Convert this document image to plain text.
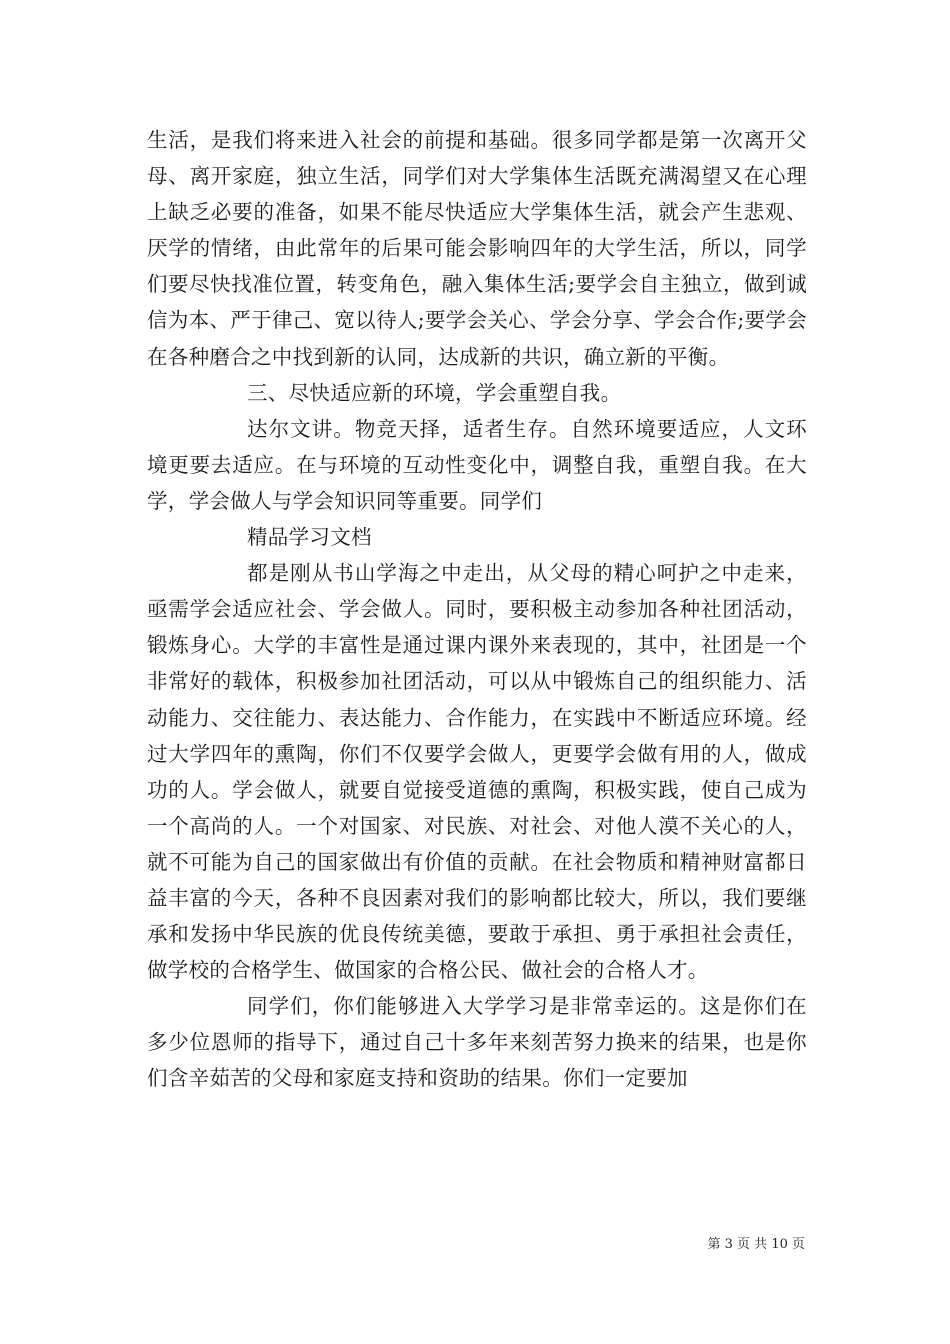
生活，是我们将来进入社会的前提和基础。很多同学都是第一次离开父母、离开家庭，独立生活，同学们对大学集体生活既充满渴望又在心理上缺乏必要的准备，如果不能尽快适应大学集体生活，就会产生悲观、厌学的情绪，由此常年的后果可能会影响四年的大学生活，所以，同学们要尽快找准位置，转变角色，融入集体生活;要学会自主独立，做到诚信为本、严于律己、宽以待人;要学会关心、学会分享、学会合作;要学会在各种磨合之中找到新的认同，达成新的共识，确立新的平衡。

三、尽快适应新的环境，学会重塑自我。

达尔文讲。物竞天择，适者生存。自然环境要适应，人文环境更要去适应。在与环境的互动性变化中，调整自我，重塑自我。在大学，学会做人与学会知识同等重要。同学们

精品学习文档

都是刚从书山学海之中走出，从父母的精心呵护之中走来，亟需学会适应社会、学会做人。同时，要积极主动参加各种社团活动，锻炼身心。大学的丰富性是通过课内课外来表现的，其中，社团是一个非常好的载体，积极参加社团活动，可以从中锻炼自己的组织能力、活动能力、交往能力、表达能力、合作能力，在实践中不断适应环境。经过大学四年的熏陶，你们不仅要学会做人，更要学会做有用的人，做成功的人。学会做人，就要自觉接受道德的熏陶，积极实践，使自己成为一个高尚的人。一个对国家、对民族、对社会、对他人漠不关心的人，就不可能为自己的国家做出有价值的贡献。在社会物质和精神财富都日益丰富的今天，各种不良因素对我们的影响都比较大，所以，我们要继承和发扬中华民族的优良传统美德，要敢于承担、勇于承担社会责任，做学校的合格学生、做国家的合格公民、做社会的合格人才。

同学们，你们能够进入大学学习是非常幸运的。这是你们在多少位恩师的指导下，通过自己十多年来刻苦努力换来的结果，也是你们含辛茹苦的父母和家庭支持和资助的结果。你们一定要加

第 3 页 共 10 页
